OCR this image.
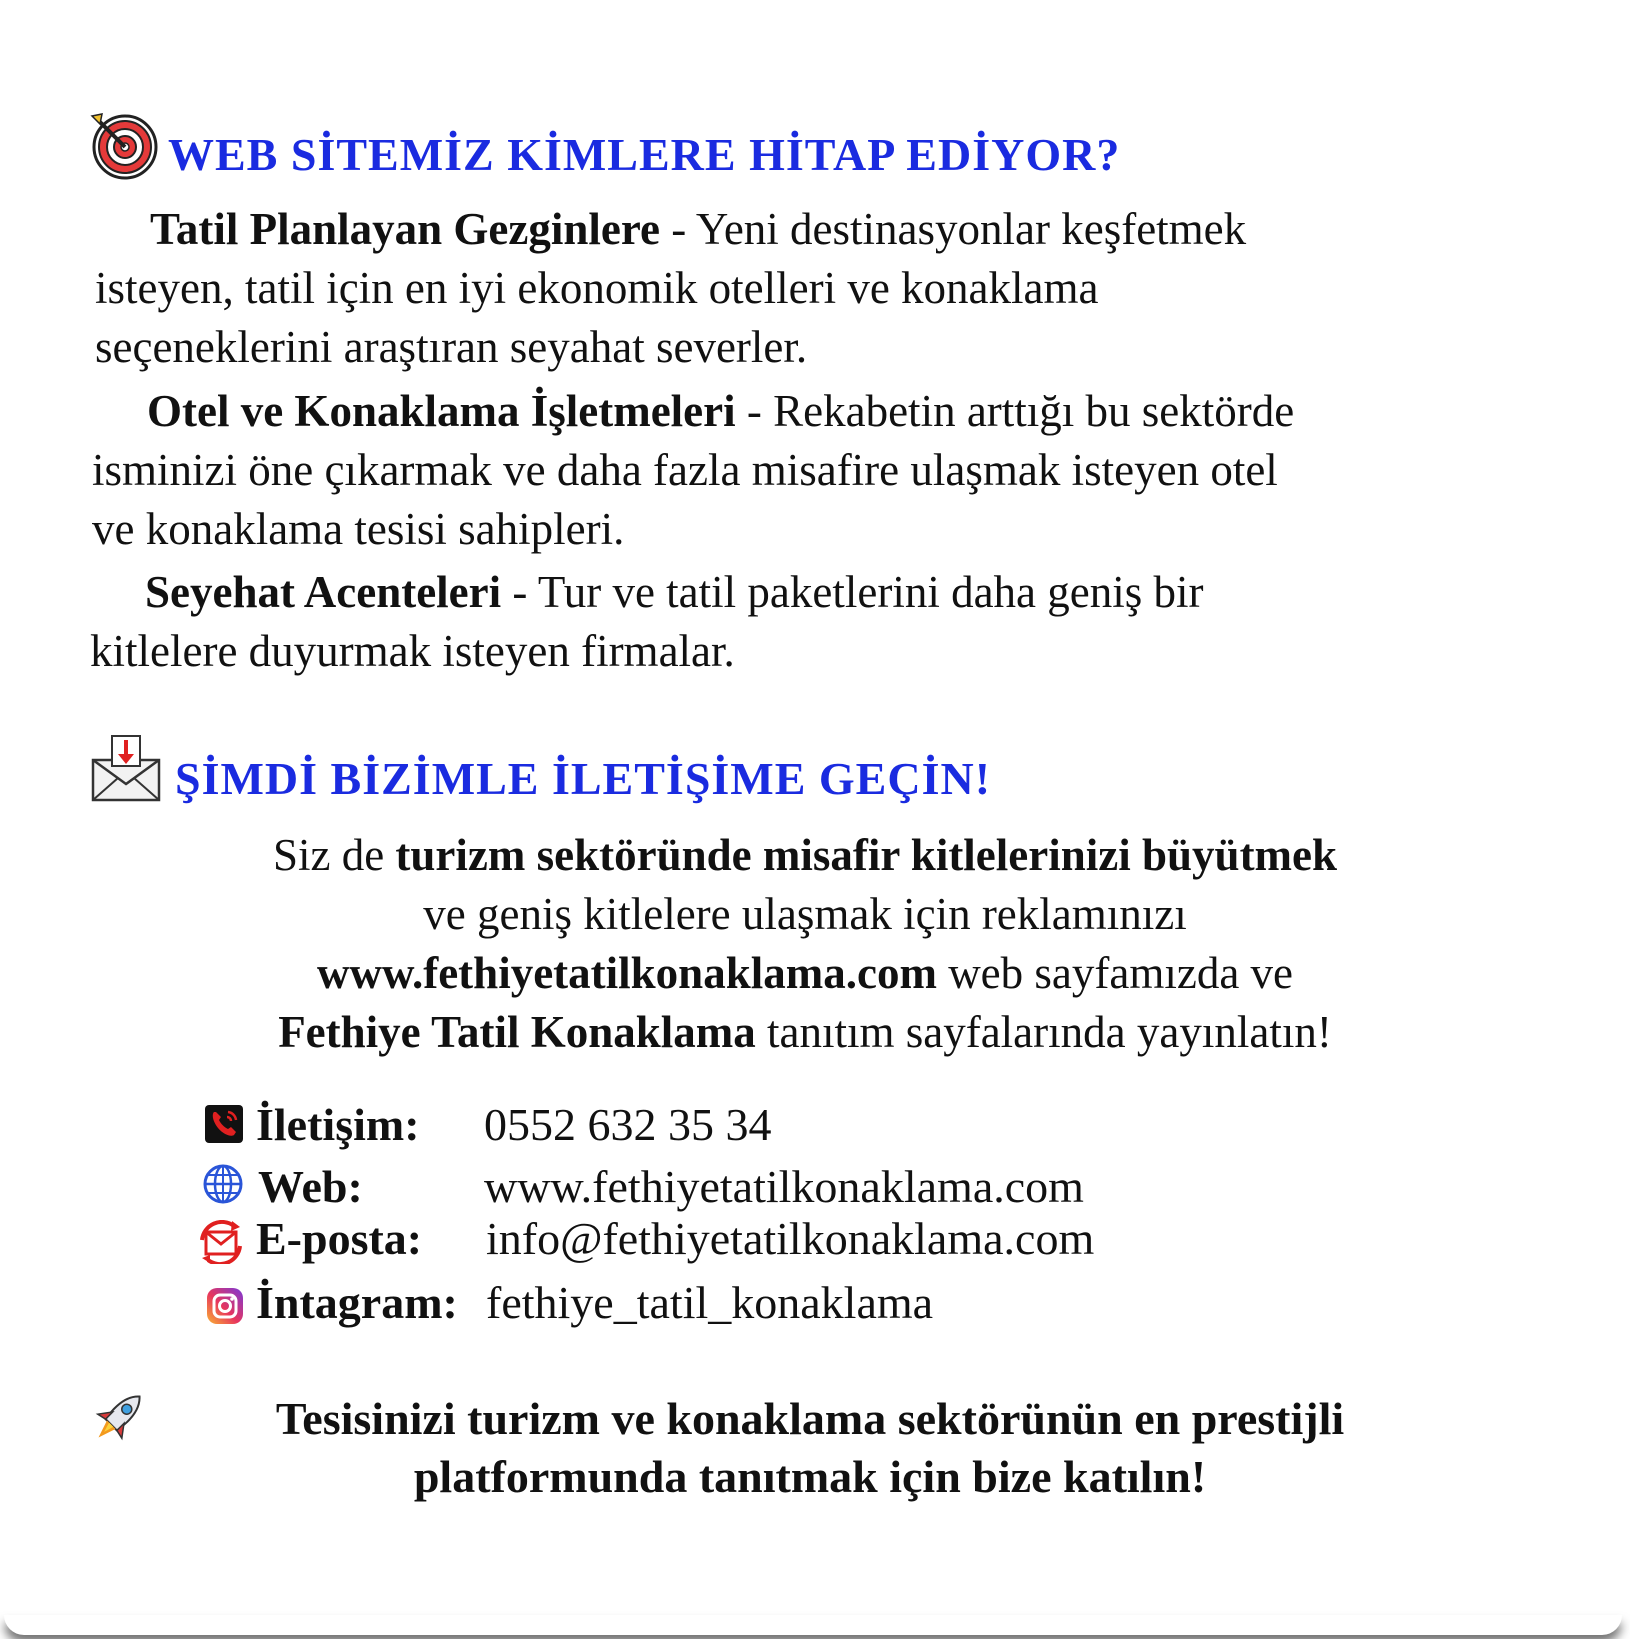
WEB SİTEMİZ KİMLERE HİTAP EDİYOR?

Tatil Planlayan Gezginlere - Yeni destinasyonlar keşfetmek
isteyen, tatil için en iyi ekonomik otelleri ve konaklama
seçeneklerini araştıran seyahat severler.

Otel ve Konaklama İşletmeleri - Rekabetin arttığı bu sektörde
isminizi öne çıkarmak ve daha fazla misafire ulaşmak isteyen otel
ve konaklama tesisi sahipleri.

Seyehat Acenteleri - Tur ve tatil paketlerini daha geniş bir
kitlelere duyurmak isteyen firmalar.

ŞİMDİ BİZİMLE İLETİŞİME GEÇİN!
Siz de turizm sektöründe misafir kitlelerinizi büyütmek
ve geniş kitlelere ulaşmak için reklamınızı
www.fethiyetatilkonaklama.com web sayfamızda ve
Fethiye Tatil Konaklama tanıtım sayfalarında yayınlatın!
İletişim: 0552 632 35 34
Web:	www.fethiyetatilkonaklama.com
E-posta: info@fethiyetatilkonaklama.com
İntagram: fethiye_tatil_konaklama
Tesisinizi turizm ve konaklama sektörünün en prestijli
platformunda tanıtmak için bize katılın!
